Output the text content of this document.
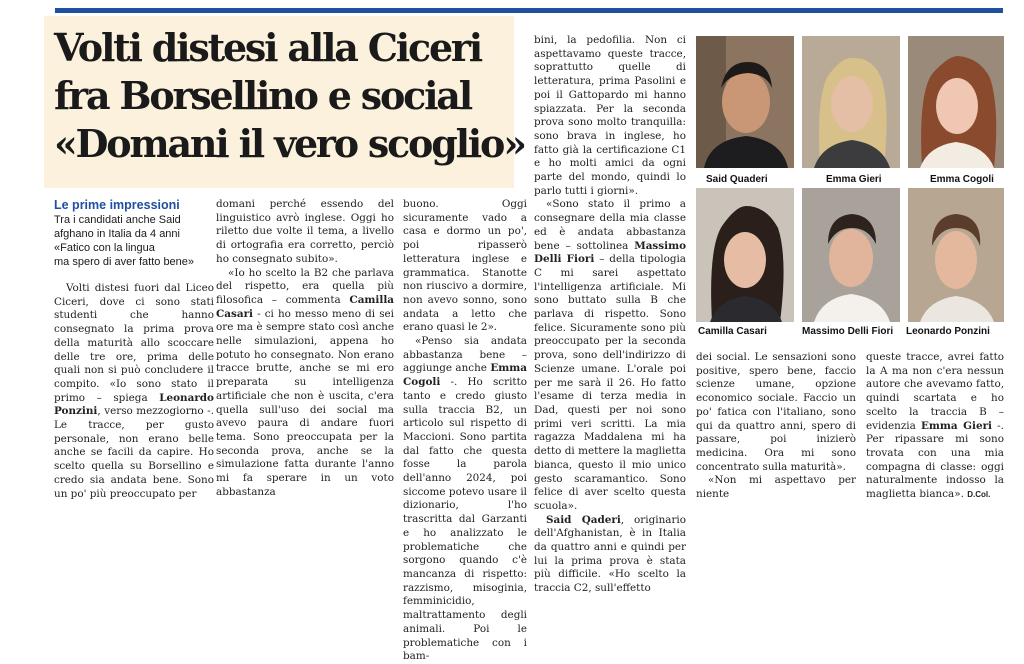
Volti distesi alla Ciceri
fra Borsellino e social
«Domani il vero scoglio»
Le prime impressioni
Tra i candidati anche Said
afghano in Italia da 4 anni
«Fatico con la lingua
ma spero di aver fatto bene»

Volti distesi fuori dal Liceo Ciceri, dove ci sono stati studenti che hanno consegnato la prima prova della maturità allo scoccare delle tre ore, prima delle quali non si può concludere il compito. «Io sono stato il primo – spiega Leonardo Ponzini, verso mezzogiorno -. Le tracce, per gusto personale, non erano belle anche se facili da capire. Ho scelto quella su Borsellino e credo sia andata bene. Sono un po' più preoccupato per

domani perché essendo del linguistico avrò inglese. Oggi ho riletto due volte il tema, a livello di ortografia era corretto, perciò ho consegnato subito».

«Io ho scelto la B2 che parlava del rispetto, era quella più filosofica – commenta Camilla Casari - ci ho messo meno di sei ore ma è sempre stato così anche nelle simulazioni, appena ho potuto ho consegnato. Non erano tracce brutte, anche se mi ero preparata su intelligenza artificiale che non è uscita, c'era quella sull'uso dei social ma avevo paura di andare fuori tema. Sono preoccupata per la seconda prova, anche se la simulazione fatta durante l'anno mi fa sperare in un voto abbastanza

buono. Oggi sicuramente vado a casa e dormo un po', poi ripasserò letteratura inglese e grammatica. Stanotte non riuscivo a dormire, non avevo sonno, sono andata a letto che erano quasi le 2».

«Penso sia andata abbastanza bene – aggiunge anche Emma Cogoli -. Ho scritto tanto e credo giusto sulla traccia B2, un articolo sul rispetto di Maccioni. Sono partita dal fatto che questa fosse la parola dell'anno 2024, poi siccome potevo usare il dizionario, l'ho trascritta dal Garzanti e ho analizzato le problematiche che sorgono quando c'è mancanza di rispetto: razzismo, misoginia, femminicidio, maltrattamento degli animali. Poi le problematiche con i bam-

bini, la pedofilia. Non ci aspettavamo queste tracce, soprattutto quelle di letteratura, prima Pasolini e poi il Gattopardo mi hanno spiazzata. Per la seconda prova sono molto tranquilla: sono brava in inglese, ho fatto già la certificazione C1 e ho molti amici da ogni parte del mondo, quindi lo parlo tutti i giorni».

«Sono stato il primo a consegnare della mia classe ed è andata abbastanza bene – sottolinea Massimo Delli Fiori – della tipologia C mi sarei aspettato l'intelligenza artificiale. Mi sono buttato sulla B che parlava di rispetto. Sono felice. Sicuramente sono più preoccupato per la seconda prova, sono dell'indirizzo di Scienze umane. L'orale poi per me sarà il 26. Ho fatto l'esame di terza media in Dad, questi per noi sono primi veri scritti. La mia ragazza Maddalena mi ha detto di mettere la maglietta bianca, questo il mio unico gesto scaramantico. Sono felice di aver scelto questa scuola».

Said Qaderi, originario dell'Afghanistan, è in Italia da quattro anni e quindi per lui la prima prova è stata più difficile. «Ho scelto la traccia C2, sull'effetto

dei social. Le sensazioni sono positive, spero bene, faccio scienze umane, opzione economico sociale. Faccio un po' fatica con l'italiano, sono qui da quattro anni, spero di passare, poi inizierò medicina. Ora mi sono concentrato sulla maturità».

«Non mi aspettavo per niente

queste tracce, avrei fatto la A ma non c'era nessun autore che avevamo fatto, quindi scartata e ho scelto la traccia B – evidenzia Emma Gieri -. Per ripassare mi sono trovata con una mia compagna di classe: oggi naturalmente indosso la maglietta bianca». D.Col.

Said Quaderi	Emma Gieri	Emma Cogoli
Camilla Casari	Massimo Delli Fiori Leonardo Ponzini
